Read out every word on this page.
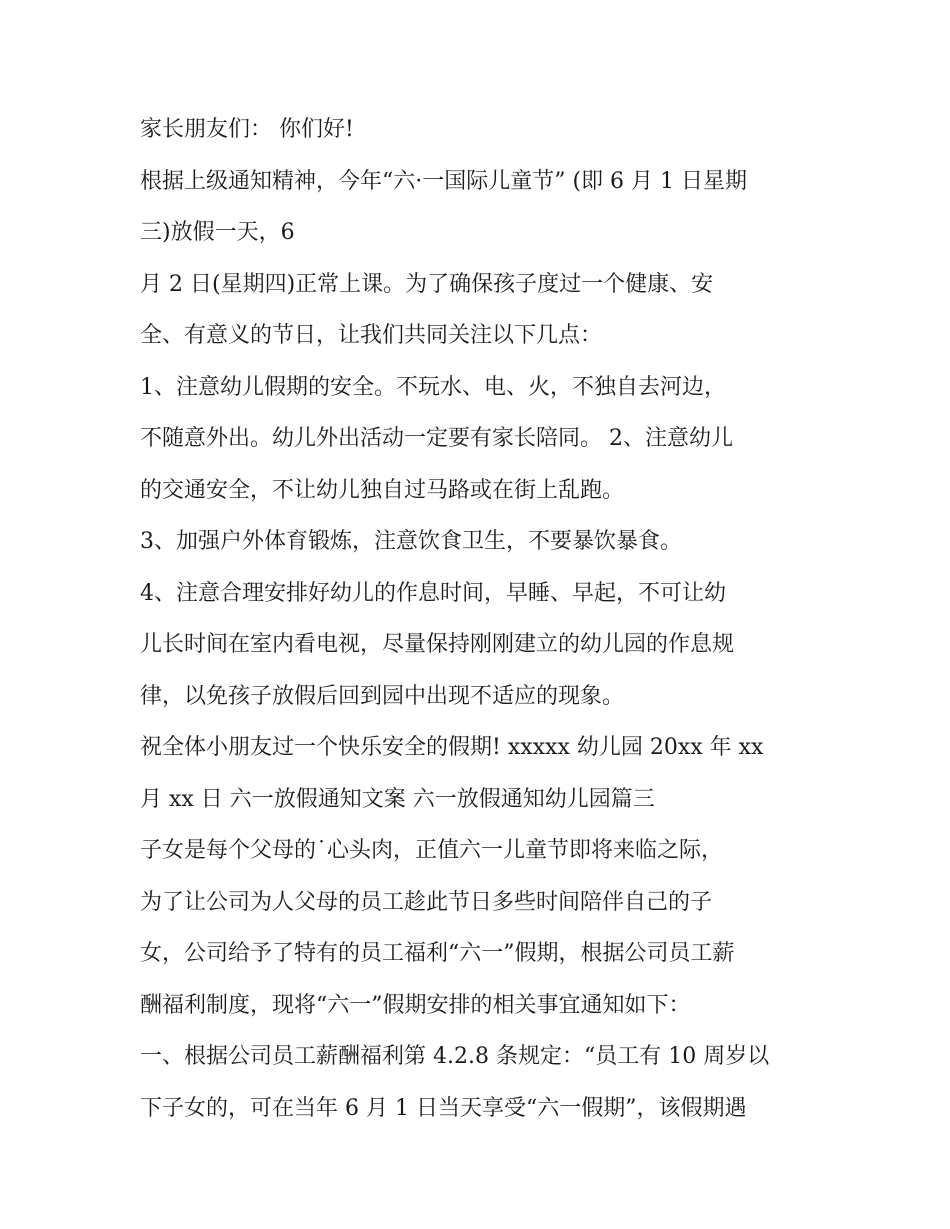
家长朋友们： 你们好!
根据上级通知精神，今年“六·一国际儿童节” (即 6 月 1 日星期
三)放假一天，6
月 2 日(星期四)正常上课。为了确保孩子度过一个健康、安
全、有意义的节日，让我们共同关注以下几点：
1、注意幼儿假期的安全。不玩水、电、火，不独自去河边，
不随意外出。幼儿外出活动一定要有家长陪同。 2、注意幼儿
的交通安全，不让幼儿独自过马路或在街上乱跑。
3、加强户外体育锻炼，注意饮食卫生，不要暴饮暴食。
4、注意合理安排好幼儿的作息时间，早睡、早起，不可让幼
儿长时间在室内看电视，尽量保持刚刚建立的幼儿园的作息规
律，以免孩子放假后回到园中出现不适应的现象。
祝全体小朋友过一个快乐安全的假期! xxxxx 幼儿园 20xx 年 xx
月 xx 日 六一放假通知文案 六一放假通知幼儿园篇三
子女是每个父母的˙心头肉，正值六一儿童节即将来临之际，
为了让公司为人父母的员工趁此节日多些时间陪伴自己的子
女，公司给予了特有的员工福利“六一”假期，根据公司员工薪
酬福利制度，现将“六一”假期安排的相关事宜通知如下：
一、根据公司员工薪酬福利第 4.2.8 条规定：“员工有 10 周岁以
下子女的，可在当年 6 月 1 日当天享受“六一假期”，该假期遇
